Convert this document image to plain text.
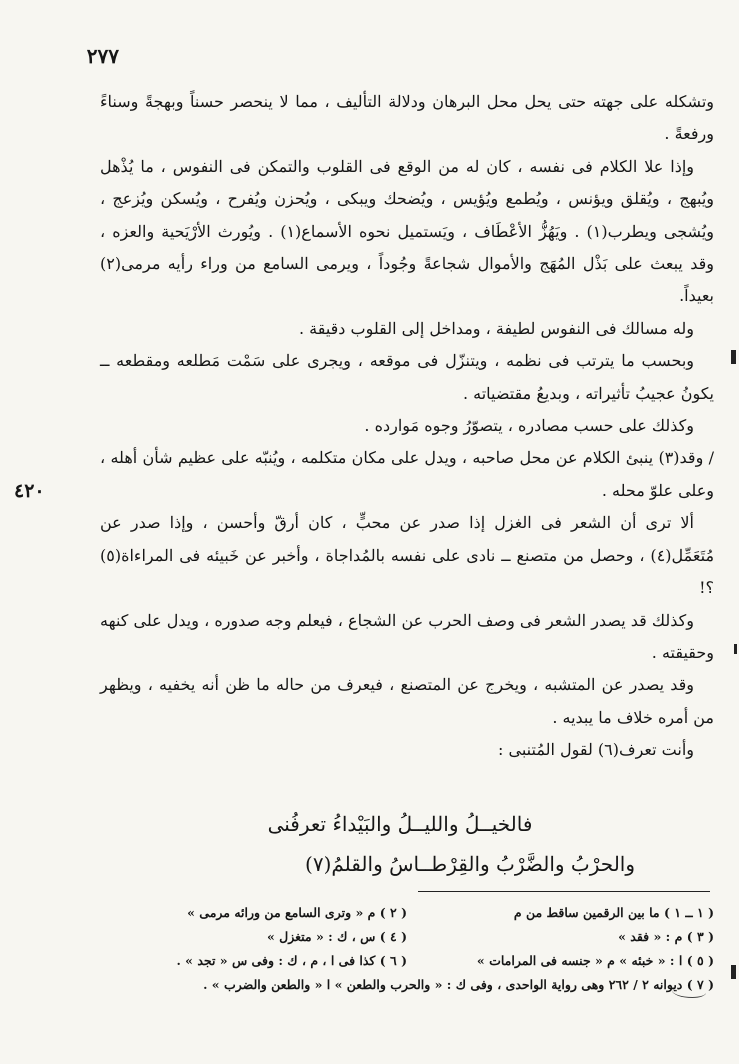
٢٧٧
٤٢٠

وتشكله على جهته حتى يحل محل البرهان ودلالة التأليف ، مما لا ينحصر حسناً وبهجةً وسناءً ورفعةً .

وإذا علا الكلام فى نفسه ، كان له من الوقع فى القلوب والتمكن فى النفوس ، ما يُذْهل ويُبهج ، ويُقلق ويؤنس ، ويُطمع ويُؤيس ، ويُضحك ويبكى ، ويُحزن ويُفرح ، ويُسكن ويُزعج ، ويُشجى ويطرب(١) . ويَهُزُّ الأعْطَاف ، ويَستميل نحوه الأسماع(١) . ويُورث الأرْيَحية والعزه ، وقد يبعث على بَذْل المُهَج والأموال شجاعةً وجُوداً ، ويرمى السامع من وراء رأيه مرمى(٢) بعيداً.

وله مسالك فى النفوس لطيفة ، ومداخل إلى القلوب دقيقة .

وبحسب ما يترتب فى نظمه ، ويتنزّل فى موقعه ، ويجرى على سَمْت مَطلعه ومقطعه ــ يكونُ عجيبُ تأثيراته ، وبديعُ مقتضياته .

وكذلك على حسب مصادره ، يتصوّرُ وجوه مَوارده .

/ وقد(٣) ينبئ الكلام عن محل صاحبه ، ويدل على مكان متكلمه ، ويُنبّه على عظيم شأن أهله ، وعلى علوّ محله .

ألا ترى أن الشعر فى الغزل إذا صدر عن محبٍّ ، كان أرقّ وأحسن ، وإذا صدر عن مُتَعَمِّل(٤) ، وحصل من متصنع ــ نادى على نفسه بالمُداجاة ، وأخبر عن خَبيئه فى المراءاة(٥) ؟!

وكذلك قد يصدر الشعر فى وصف الحرب عن الشجاع ، فيعلم وجه صدوره ، ويدل على كنهه وحقيقته .

وقد يصدر عن المتشبه ، ويخرج عن المتصنع ، فيعرف من حاله ما ظن أنه يخفيه ، ويظهر من أمره خلاف ما يبديه .

وأنت تعرف(٦) لقول المُتنبى :

فالخيــلُ والليــلُ والبَيْداءُ تعرفُنى
والحرْبُ والضَّرْبُ والقِرْطــاسُ والقلمُ(٧)
( ١ ــ ١ ) ما بين الرقمين ساقط من م
( ٢ ) م « وترى السامع من ورائه مرمى »
( ٣ ) م : « فقد »
( ٤ ) س ، ك : « متغزل »
( ٥ ) ا : « خبئه » م « جنسه فى المرامات »
( ٦ ) كذا فى ا ، م ، ك : وفى س « تجد » .
( ٧ ) ديوانه ٢ / ٢٦٢ وهى رواية الواحدى ، وفى ك : « والحرب والطعن » ا « والطعن والضرب » .
